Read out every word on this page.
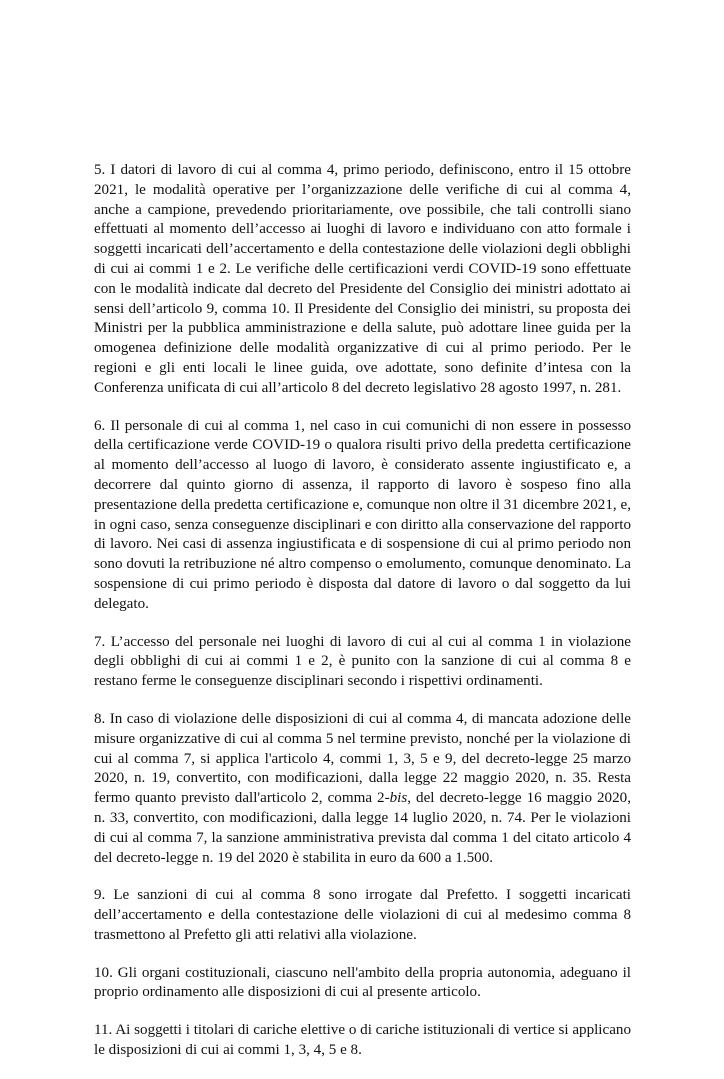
5. I datori di lavoro di cui al comma 4, primo periodo, definiscono, entro il 15 ottobre 2021, le modalità operative per l’organizzazione delle verifiche di cui al comma 4, anche a campione, prevedendo prioritariamente, ove possibile, che tali controlli siano effettuati al momento dell’accesso ai luoghi di lavoro e individuano con atto formale i soggetti incaricati dell’accertamento e della contestazione delle violazioni degli obblighi di cui ai commi 1 e 2. Le verifiche delle certificazioni verdi COVID-19 sono effettuate con le modalità indicate dal decreto del Presidente del Consiglio dei ministri adottato ai sensi dell’articolo 9, comma 10. Il Presidente del Consiglio dei ministri, su proposta dei Ministri per la pubblica amministrazione e della salute, può adottare linee guida per la omogenea definizione delle modalità organizzative di cui al primo periodo. Per le regioni e gli enti locali le linee guida, ove adottate, sono definite d’intesa con la Conferenza unificata di cui all’articolo 8 del decreto legislativo 28 agosto 1997, n. 281.

6. Il personale di cui al comma 1, nel caso in cui comunichi di non essere in possesso della certificazione verde COVID-19 o qualora risulti privo della predetta certificazione al momento dell’accesso al luogo di lavoro, è considerato assente ingiustificato e, a decorrere dal quinto giorno di assenza, il rapporto di lavoro è sospeso fino alla presentazione della predetta certificazione e, comunque non oltre il 31 dicembre 2021, e, in ogni caso, senza conseguenze disciplinari e con diritto alla conservazione del rapporto di lavoro. Nei casi di assenza ingiustificata e di sospensione di cui al primo periodo non sono dovuti la retribuzione né altro compenso o emolumento, comunque denominato. La sospensione di cui primo periodo è disposta dal datore di lavoro o dal soggetto da lui delegato.

7. L’accesso del personale nei luoghi di lavoro di cui al cui al comma 1 in violazione degli obblighi di cui ai commi 1 e 2, è punito con la sanzione di cui al comma 8 e restano ferme le conseguenze disciplinari secondo i rispettivi ordinamenti.

8. In caso di violazione delle disposizioni di cui al comma 4, di mancata adozione delle misure organizzative di cui al comma 5 nel termine previsto, nonché per la violazione di cui al comma 7, si applica l'articolo 4, commi 1, 3, 5 e 9, del decreto-legge 25 marzo 2020, n. 19, convertito, con modificazioni, dalla legge 22 maggio 2020, n. 35. Resta fermo quanto previsto dall'articolo 2, comma 2-bis, del decreto-legge 16 maggio 2020, n. 33, convertito, con modificazioni, dalla legge 14 luglio 2020, n. 74. Per le violazioni di cui al comma 7, la sanzione amministrativa prevista dal comma 1 del citato articolo 4 del decreto-legge n. 19 del 2020 è stabilita in euro da 600 a 1.500.

9. Le sanzioni di cui al comma 8 sono irrogate dal Prefetto. I soggetti incaricati dell’accertamento e della contestazione delle violazioni di cui al medesimo comma 8 trasmettono al Prefetto gli atti relativi alla violazione.

10. Gli organi costituzionali, ciascuno nell'ambito della propria autonomia, adeguano il proprio ordinamento alle disposizioni di cui al presente articolo.

11. Ai soggetti i titolari di cariche elettive o di cariche istituzionali di vertice si applicano le disposizioni di cui ai commi 1, 3, 4, 5 e 8.
